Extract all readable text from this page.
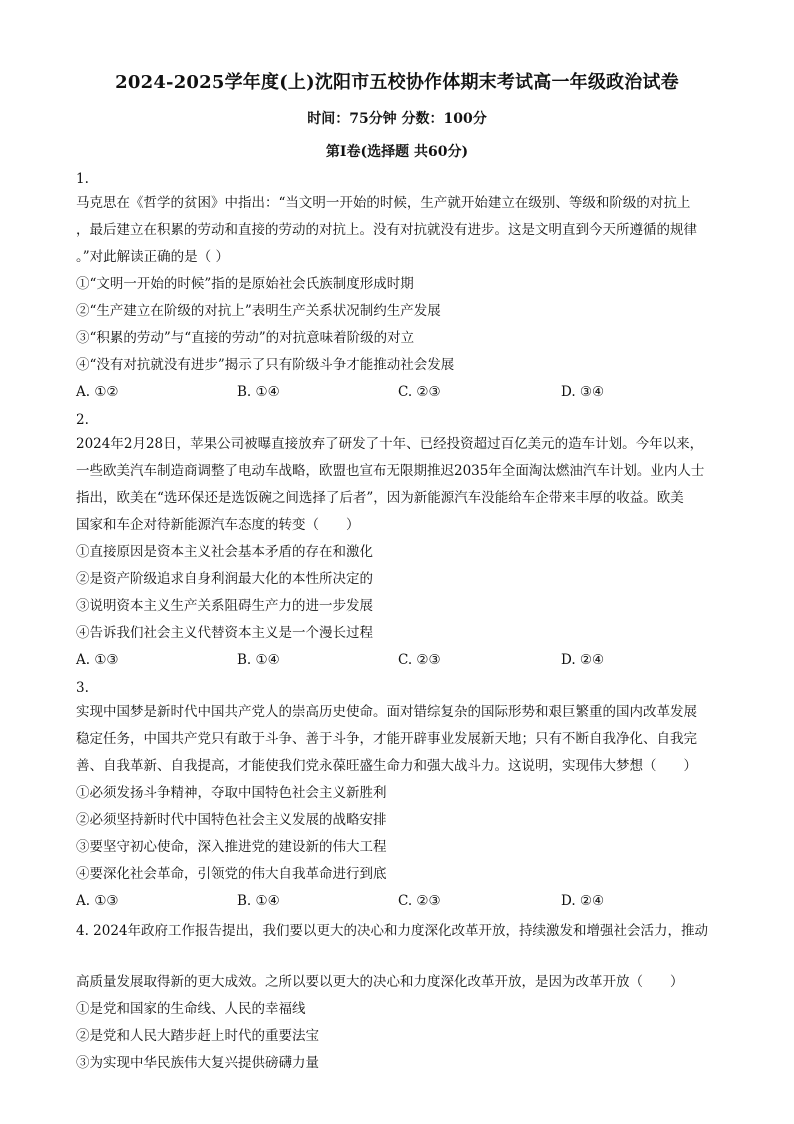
2024-2025学年度(上)沈阳市五校协作体期末考试高一年级政治试卷
时间：75分钟 分数：100分
第Ⅰ卷(选择题 共60分)
1.
马克思在《哲学的贫困》中指出：“当文明一开始的时候，生产就开始建立在级别、等级和阶级的对抗上
，最后建立在积累的劳动和直接的劳动的对抗上。没有对抗就没有进步。这是文明直到今天所遵循的规律
。”对此解读正确的是（ ）
①“文明一开始的时候”指的是原始社会氏族制度形成时期
②“生产建立在阶级的对抗上”表明生产关系状况制约生产发展
③“积累的劳动”与“直接的劳动”的对抗意味着阶级的对立
④“没有对抗就没有进步”揭示了只有阶级斗争才能推动社会发展
A. ①②	B. ①④	C. ②③	D. ③④
2.
2024年2月28日，苹果公司被曝直接放弃了研发了十年、已经投资超过百亿美元的造车计划。今年以来，
一些欧美汽车制造商调整了电动车战略，欧盟也宣布无限期推迟2035年全面淘汰燃油汽车计划。业内人士
指出，欧美在“选环保还是选饭碗之间选择了后者”，因为新能源汽车没能给车企带来丰厚的收益。欧美
国家和车企对待新能源汽车态度的转变（　　）
①直接原因是资本主义社会基本矛盾的存在和激化
②是资产阶级追求自身利润最大化的本性所决定的
③说明资本主义生产关系阻碍生产力的进一步发展
④告诉我们社会主义代替资本主义是一个漫长过程
A. ①③	B. ①④	C. ②③	D. ②④
3.
实现中国梦是新时代中国共产党人的崇高历史使命。面对错综复杂的国际形势和艰巨繁重的国内改革发展
稳定任务，中国共产党只有敢于斗争、善于斗争，才能开辟事业发展新天地；只有不断自我净化、自我完
善、自我革新、自我提高，才能使我们党永葆旺盛生命力和强大战斗力。这说明，实现伟大梦想（　　）
①必须发扬斗争精神，夺取中国特色社会主义新胜利
②必须坚持新时代中国特色社会主义发展的战略安排
③要坚守初心使命，深入推进党的建设新的伟大工程
④要深化社会革命，引领党的伟大自我革命进行到底
A. ①③	B. ①④	C. ②③	D. ②④
4. 2024年政府工作报告提出，我们要以更大的决心和力度深化改革开放，持续激发和增强社会活力，推动
高质量发展取得新的更大成效。之所以要以更大的决心和力度深化改革开放，是因为改革开放（　　）
①是党和国家的生命线、人民的幸福线
②是党和人民大踏步赶上时代的重要法宝
③为实现中华民族伟大复兴提供磅礴力量
